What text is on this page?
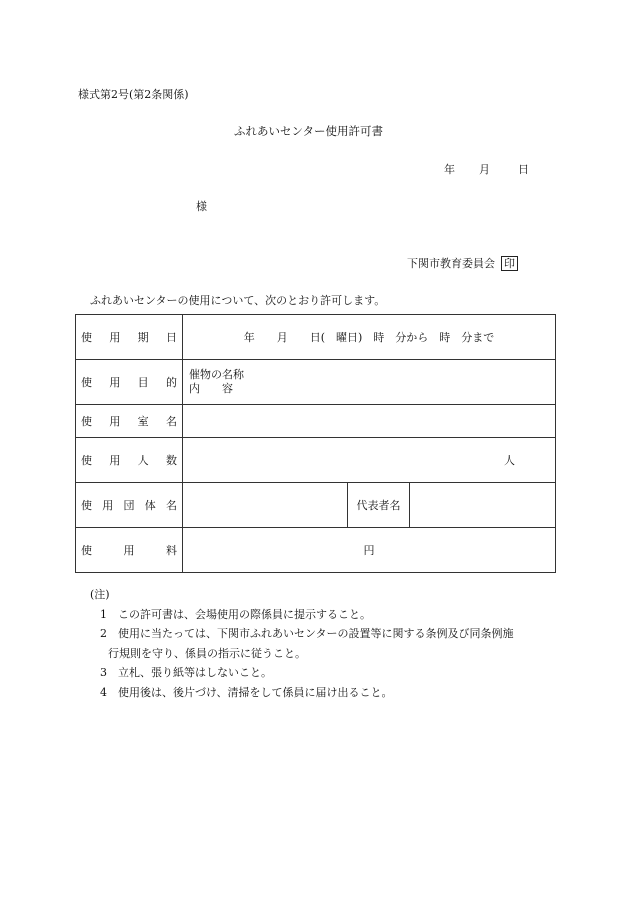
様式第2号(第2条関係)
ふれあいセンター使用許可書
年 月	日
様
下関市教育委員会 印
ふれあいセンターの使用について、次のとおり許可します。
使用期日	年　　月　　日(　曜日)　時　分から　時　分まで		
使用目的	催物の名称
内容		

使用室名			
使用人数	人		
使用団体名		代表者名	
使用料	円		
(注)
1　この許可書は、会場使用の際係員に提示すること。
2　使用に当たっては、下関市ふれあいセンターの設置等に関する条例及び同条例施
行規則を守り、係員の指示に従うこと。
3　立札、張り紙等はしないこと。
4　使用後は、後片づけ、清掃をして係員に届け出ること。
